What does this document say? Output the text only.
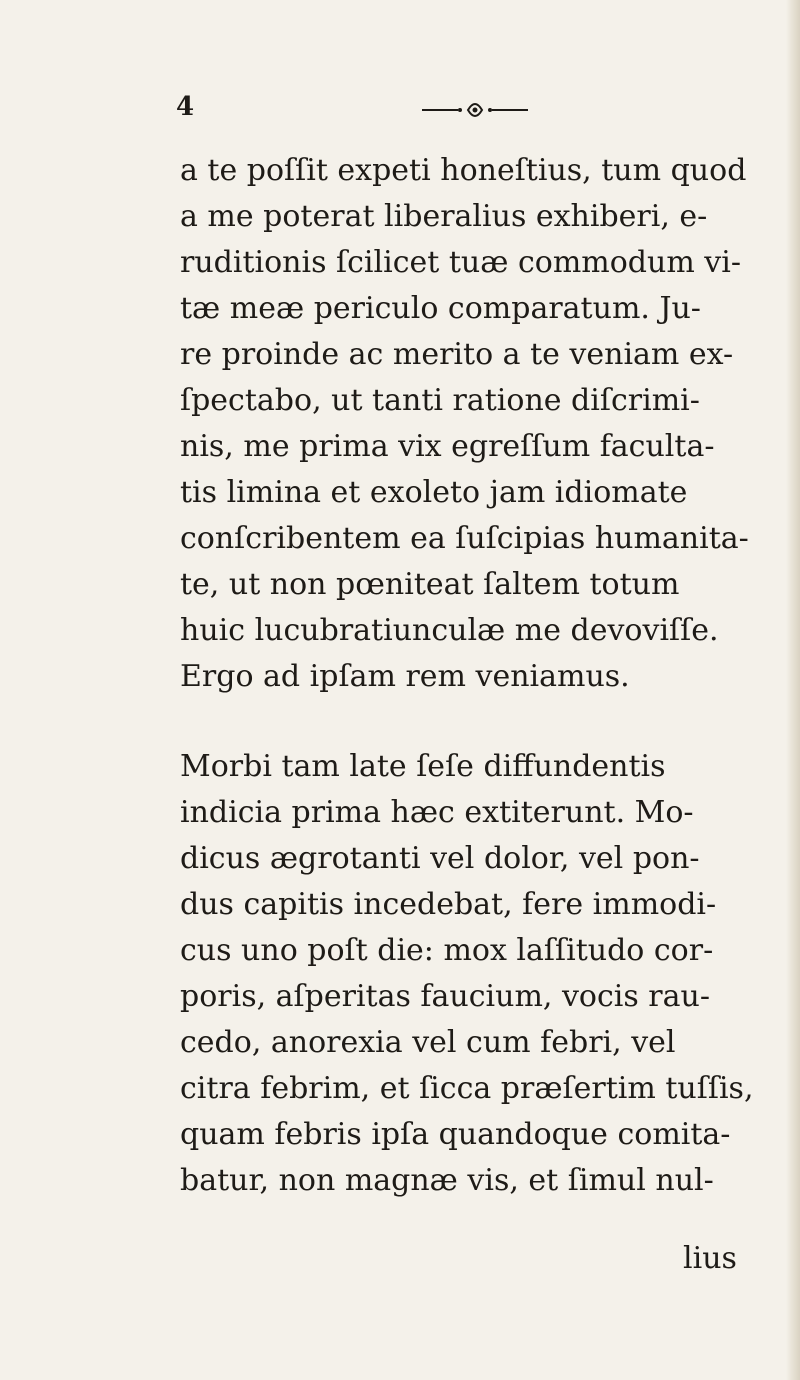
4
a te poſſit expeti honeſtius, tum quod
a me poterat liberalius exhiberi, e-
ruditionis ſcilicet tuæ commodum vi-
tæ meæ periculo comparatum. Ju-
re proinde ac merito a te veniam ex-
ſpectabo, ut tanti ratione diſcrimi-
nis, me prima vix egreſſum faculta-
tis limina et exoleto jam idiomate
conſcribentem ea ſuſcipias humanita-
te, ut non pœniteat ſaltem totum
huic lucubratiunculæ me devoviſſe.
Ergo ad ipſam rem veniamus.
Morbi tam late ſeſe diffundentis
indicia prima hæc extiterunt. Mo-
dicus ægrotanti vel dolor, vel pon-
dus capitis incedebat, fere immodi-
cus uno poſt die: mox laſſitudo cor-
poris, aſperitas faucium, vocis rau-
cedo, anorexia vel cum febri, vel
citra febrim, et ſicca præſertim tuſſis,
quam febris ipſa quandoque comita-
batur, non magnæ vis, et ſimul nul-
lius
